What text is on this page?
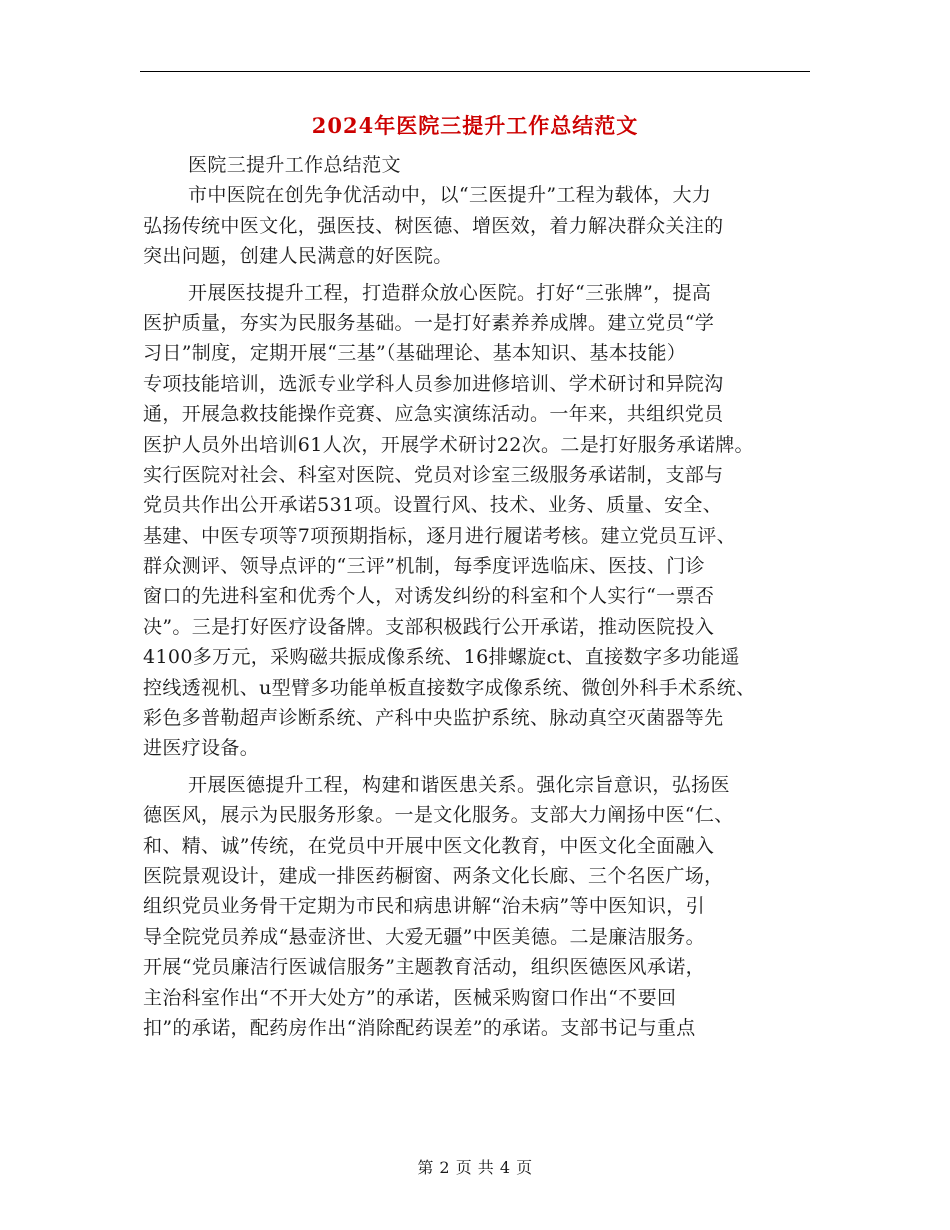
2024年医院三提升工作总结范文
医院三提升工作总结范文
市中医院在创先争优活动中，以“三医提升”工程为载体，大力
弘扬传统中医文化，强医技、树医德、增医效，着力解决群众关注的
突出问题，创建人民满意的好医院。
开展医技提升工程，打造群众放心医院。打好“三张牌”，提高
医护质量，夯实为民服务基础。一是打好素养养成牌。建立党员“学
习日”制度，定期开展“三基”（基础理论、基本知识、基本技能）
专项技能培训，选派专业学科人员参加进修培训、学术研讨和异院沟
通，开展急救技能操作竞赛、应急实演练活动。一年来，共组织党员
医护人员外出培训61人次，开展学术研讨22次。二是打好服务承诺牌。
实行医院对社会、科室对医院、党员对诊室三级服务承诺制，支部与
党员共作出公开承诺531项。设置行风、技术、业务、质量、安全、
基建、中医专项等7项预期指标，逐月进行履诺考核。建立党员互评、
群众测评、领导点评的“三评”机制，每季度评选临床、医技、门诊
窗口的先进科室和优秀个人，对诱发纠纷的科室和个人实行“一票否
决”。三是打好医疗设备牌。支部积极践行公开承诺，推动医院投入
4100多万元，采购磁共振成像系统、16排螺旋ct、直接数字多功能遥
控线透视机、u型臂多功能单板直接数字成像系统、微创外科手术系统、
彩色多普勒超声诊断系统、产科中央监护系统、脉动真空灭菌器等先
进医疗设备。
开展医德提升工程，构建和谐医患关系。强化宗旨意识，弘扬医
德医风，展示为民服务形象。一是文化服务。支部大力阐扬中医“仁、
和、精、诚”传统，在党员中开展中医文化教育，中医文化全面融入
医院景观设计，建成一排医药橱窗、两条文化长廊、三个名医广场，
组织党员业务骨干定期为市民和病患讲解“治未病”等中医知识，引
导全院党员养成“悬壶济世、大爱无疆”中医美德。二是廉洁服务。
开展“党员廉洁行医诚信服务”主题教育活动，组织医德医风承诺，
主治科室作出“不开大处方”的承诺，医械采购窗口作出“不要回
扣”的承诺，配药房作出“消除配药误差”的承诺。支部书记与重点
第 2 页 共 4 页
